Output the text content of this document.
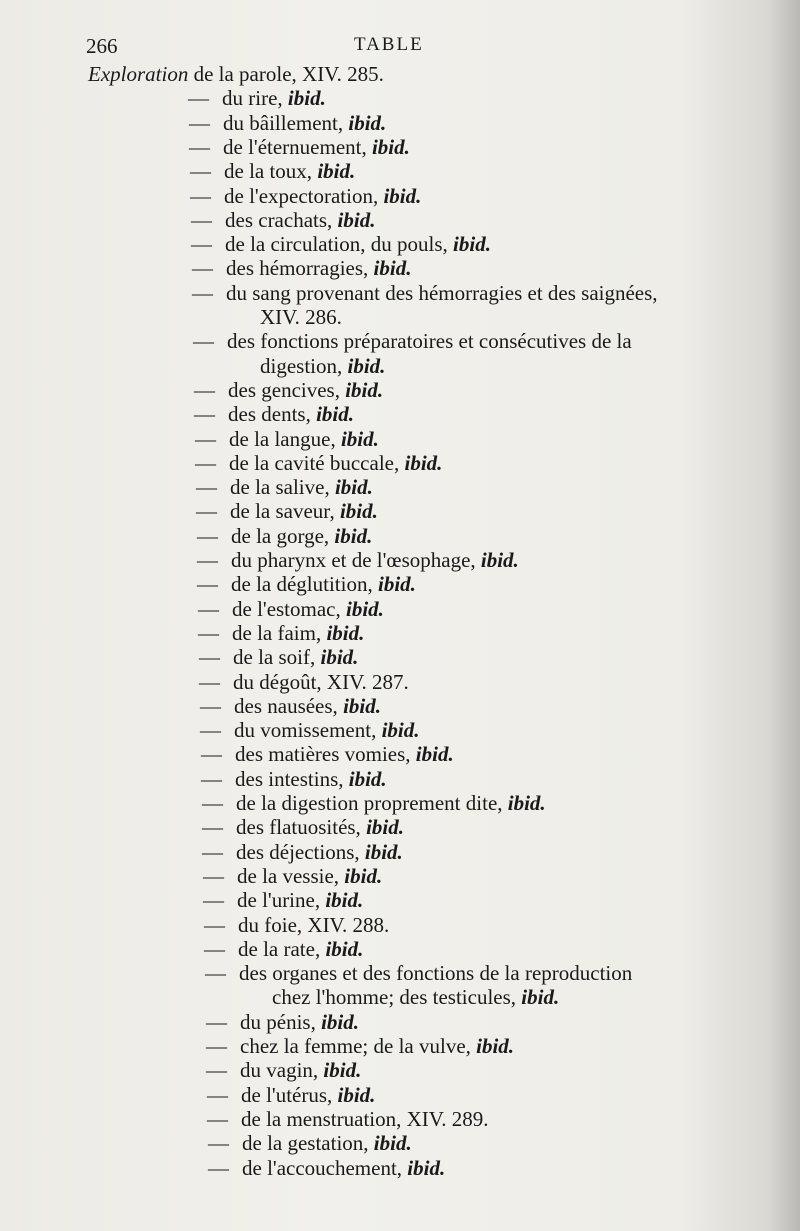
266	TABLE
Exploration de la parole, XIV. 285.
—du rire, ibid.
—du bâillement, ibid.
—de l'éternuement, ibid.
—de la toux, ibid.
—de l'expectoration, ibid.
—des crachats, ibid.
—de la circulation, du pouls, ibid.
—des hémorragies, ibid.
—du sang provenant des hémorragies et des saignées,
XIV. 286.
—des fonctions préparatoires et consécutives de la
digestion, ibid.
—des gencives, ibid.
—des dents, ibid.
—de la langue, ibid.
—de la cavité buccale, ibid.
—de la salive, ibid.
—de la saveur, ibid.
—de la gorge, ibid.
—du pharynx et de l'œsophage, ibid.
—de la déglutition, ibid.
—de l'estomac, ibid.
—de la faim, ibid.
—de la soif, ibid.
—du dégoût, XIV. 287.
—des nausées, ibid.
—du vomissement, ibid.
—des matières vomies, ibid.
—des intestins, ibid.
—de la digestion proprement dite, ibid.
—des flatuosités, ibid.
—des déjections, ibid.
—de la vessie, ibid.
—de l'urine, ibid.
—du foie, XIV. 288.
—de la rate, ibid.
—des organes et des fonctions de la reproduction
chez l'homme; des testicules, ibid.
—du pénis, ibid.
—chez la femme; de la vulve, ibid.
—du vagin, ibid.
—de l'utérus, ibid.
—de la menstruation, XIV. 289.
—de la gestation, ibid.
—de l'accouchement, ibid.
